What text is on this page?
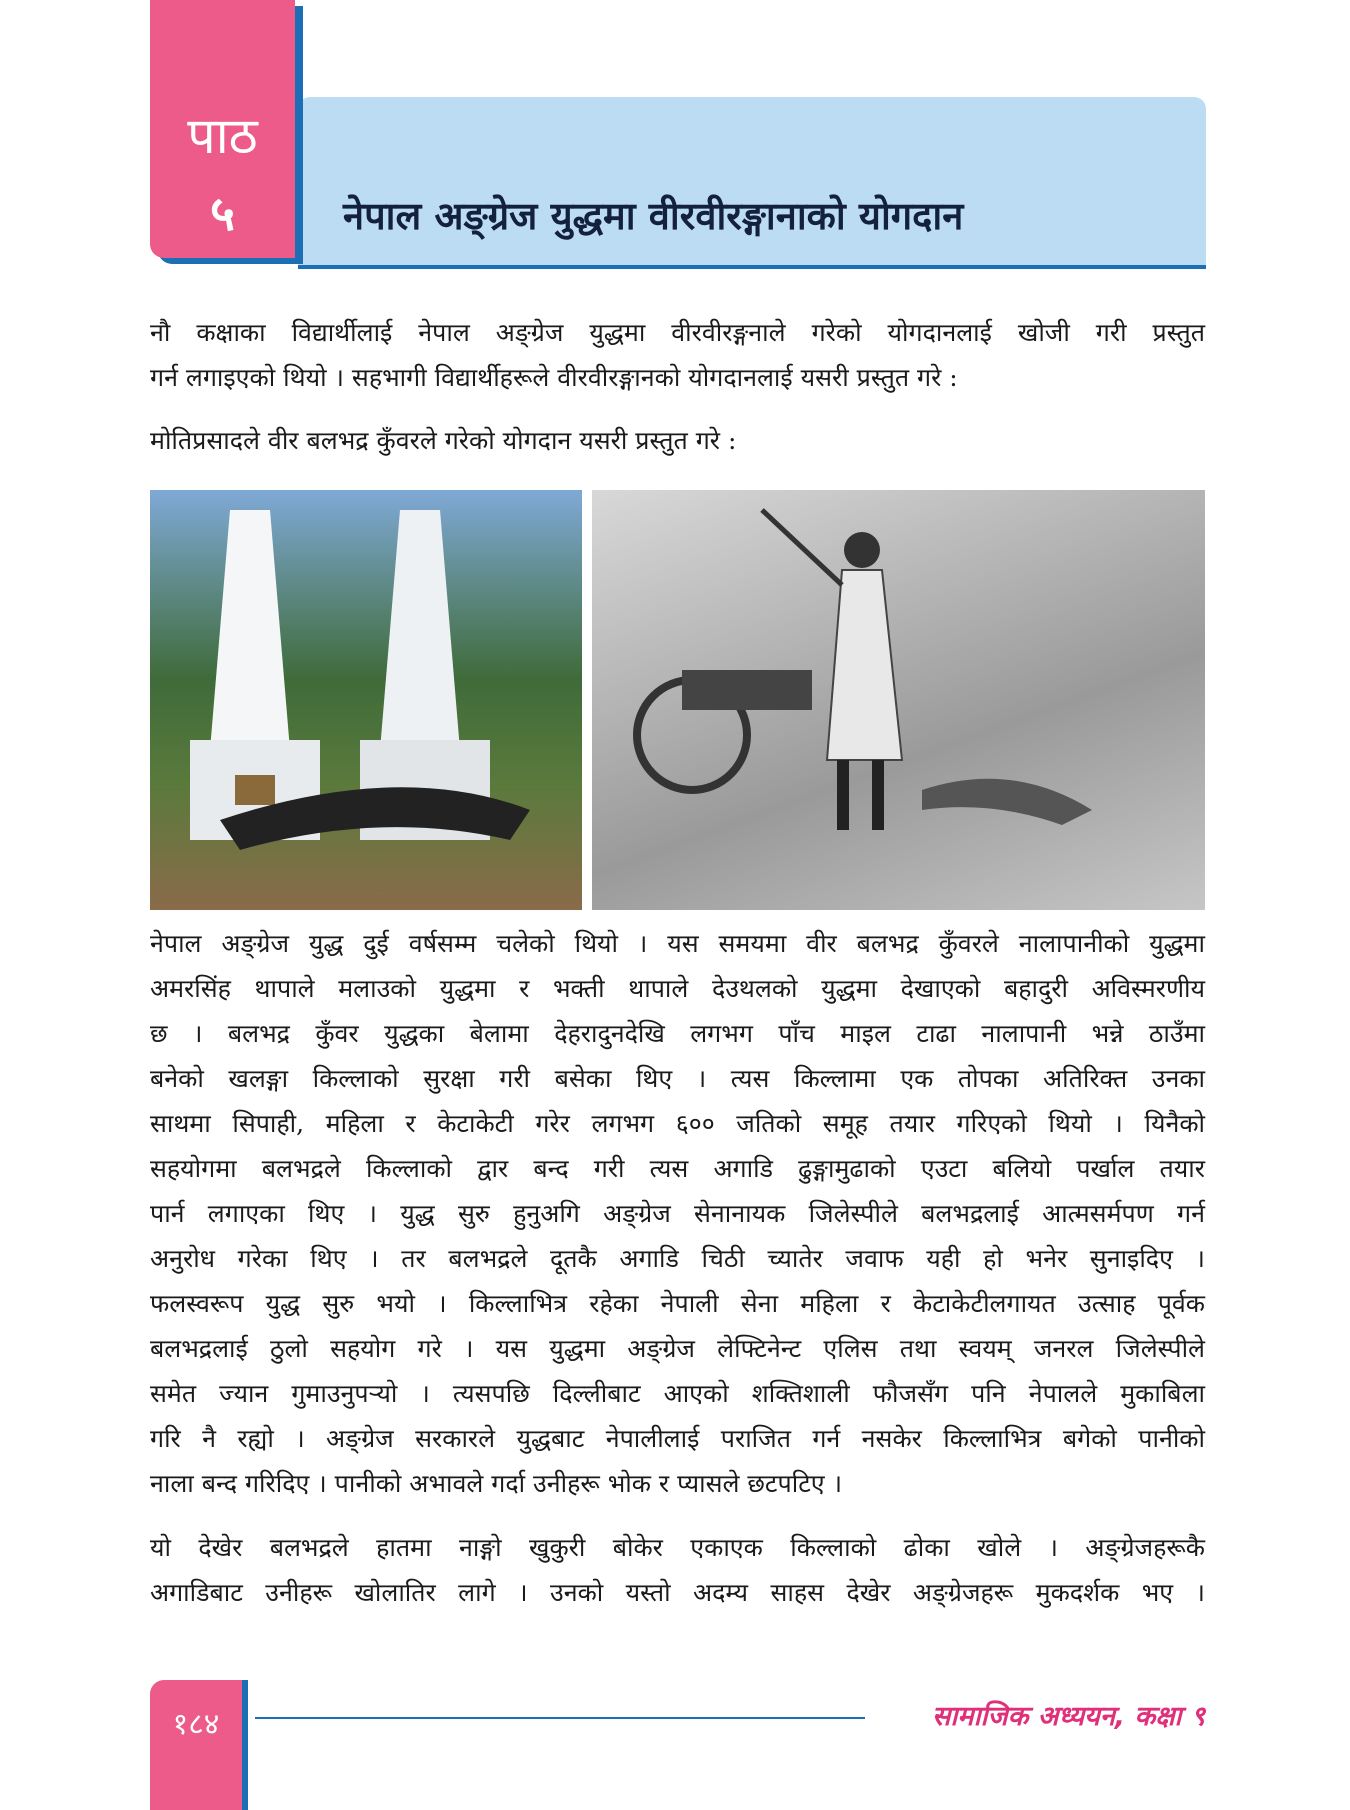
पाठ
५	नेपाल अङ्ग्रेज युद्धमा वीरवीरङ्गानाको योगदान
नौ कक्षाका विद्यार्थीलाई नेपाल अङ्ग्रेज युद्धमा वीरवीरङ्गनाले गरेको योगदानलाई खोजी गरी प्रस्तुत
गर्न लगाइएको थियो । सहभागी विद्यार्थीहरूले वीरवीरङ्गानको योगदानलाई यसरी प्रस्तुत गरे :
मोतिप्रसादले वीर बलभद्र कुँवरले गरेको योगदान यसरी प्रस्तुत गरे :
नेपाल अङ्ग्रेज युद्ध दुई वर्षसम्म चलेको थियो । यस समयमा वीर बलभद्र कुँवरले नालापानीको युद्धमा
अमरसिंह थापाले मलाउको युद्धमा र भक्ती थापाले देउथलको युद्धमा देखाएको बहादुरी अविस्मरणीय
छ । बलभद्र कुँवर युद्धका बेलामा देहरादुनदेखि लगभग पाँच माइल टाढा नालापानी भन्ने ठाउँमा
बनेको खलङ्गा किल्लाको सुरक्षा गरी बसेका थिए । त्यस किल्लामा एक तोपका अतिरिक्त उनका
साथमा सिपाही, महिला र केटाकेटी गरेर लगभग ६०० जतिको समूह तयार गरिएको थियो । यिनैको
सहयोगमा बलभद्रले किल्लाको द्वार बन्द गरी त्यस अगाडि ढुङ्गामुढाको एउटा बलियो पर्खाल तयार
पार्न लगाएका थिए । युद्ध सुरु हुनुअगि अङ्ग्रेज सेनानायक जिलेस्पीले बलभद्रलाई आत्मसर्मपण गर्न
अनुरोध गरेका थिए । तर बलभद्रले दूतकै अगाडि चिठी च्यातेर जवाफ यही हो भनेर सुनाइदिए ।
फलस्वरूप युद्ध सुरु भयो । किल्लाभित्र रहेका नेपाली सेना महिला र केटाकेटीलगायत उत्साह पूर्वक
बलभद्रलाई ठुलो सहयोग गरे । यस युद्धमा अङ्ग्रेज लेफ्टिनेन्ट एलिस तथा स्वयम् जनरल जिलेस्पीले
समेत ज्यान गुमाउनुपर्‍यो । त्यसपछि दिल्लीबाट आएको शक्तिशाली फौजसँग पनि नेपालले मुकाबिला
गरि नै रह्यो । अङ्ग्रेज सरकारले युद्धबाट नेपालीलाई पराजित गर्न नसकेर किल्लाभित्र बगेको पानीको
नाला बन्द गरिदिए । पानीको अभावले गर्दा उनीहरू भोक र प्यासले छटपटिए ।
यो देखेर बलभद्रले हातमा नाङ्गो खुकुरी बोकेर एकाएक किल्लाको ढोका खोले । अङ्ग्रेजहरूकै
अगाडिबाट उनीहरू खोलातिर लागे । उनको यस्तो अदम्य साहस देखेर अङ्ग्रेजहरू मुकदर्शक भए ।
१८४	सामाजिक अध्ययन, कक्षा ९
